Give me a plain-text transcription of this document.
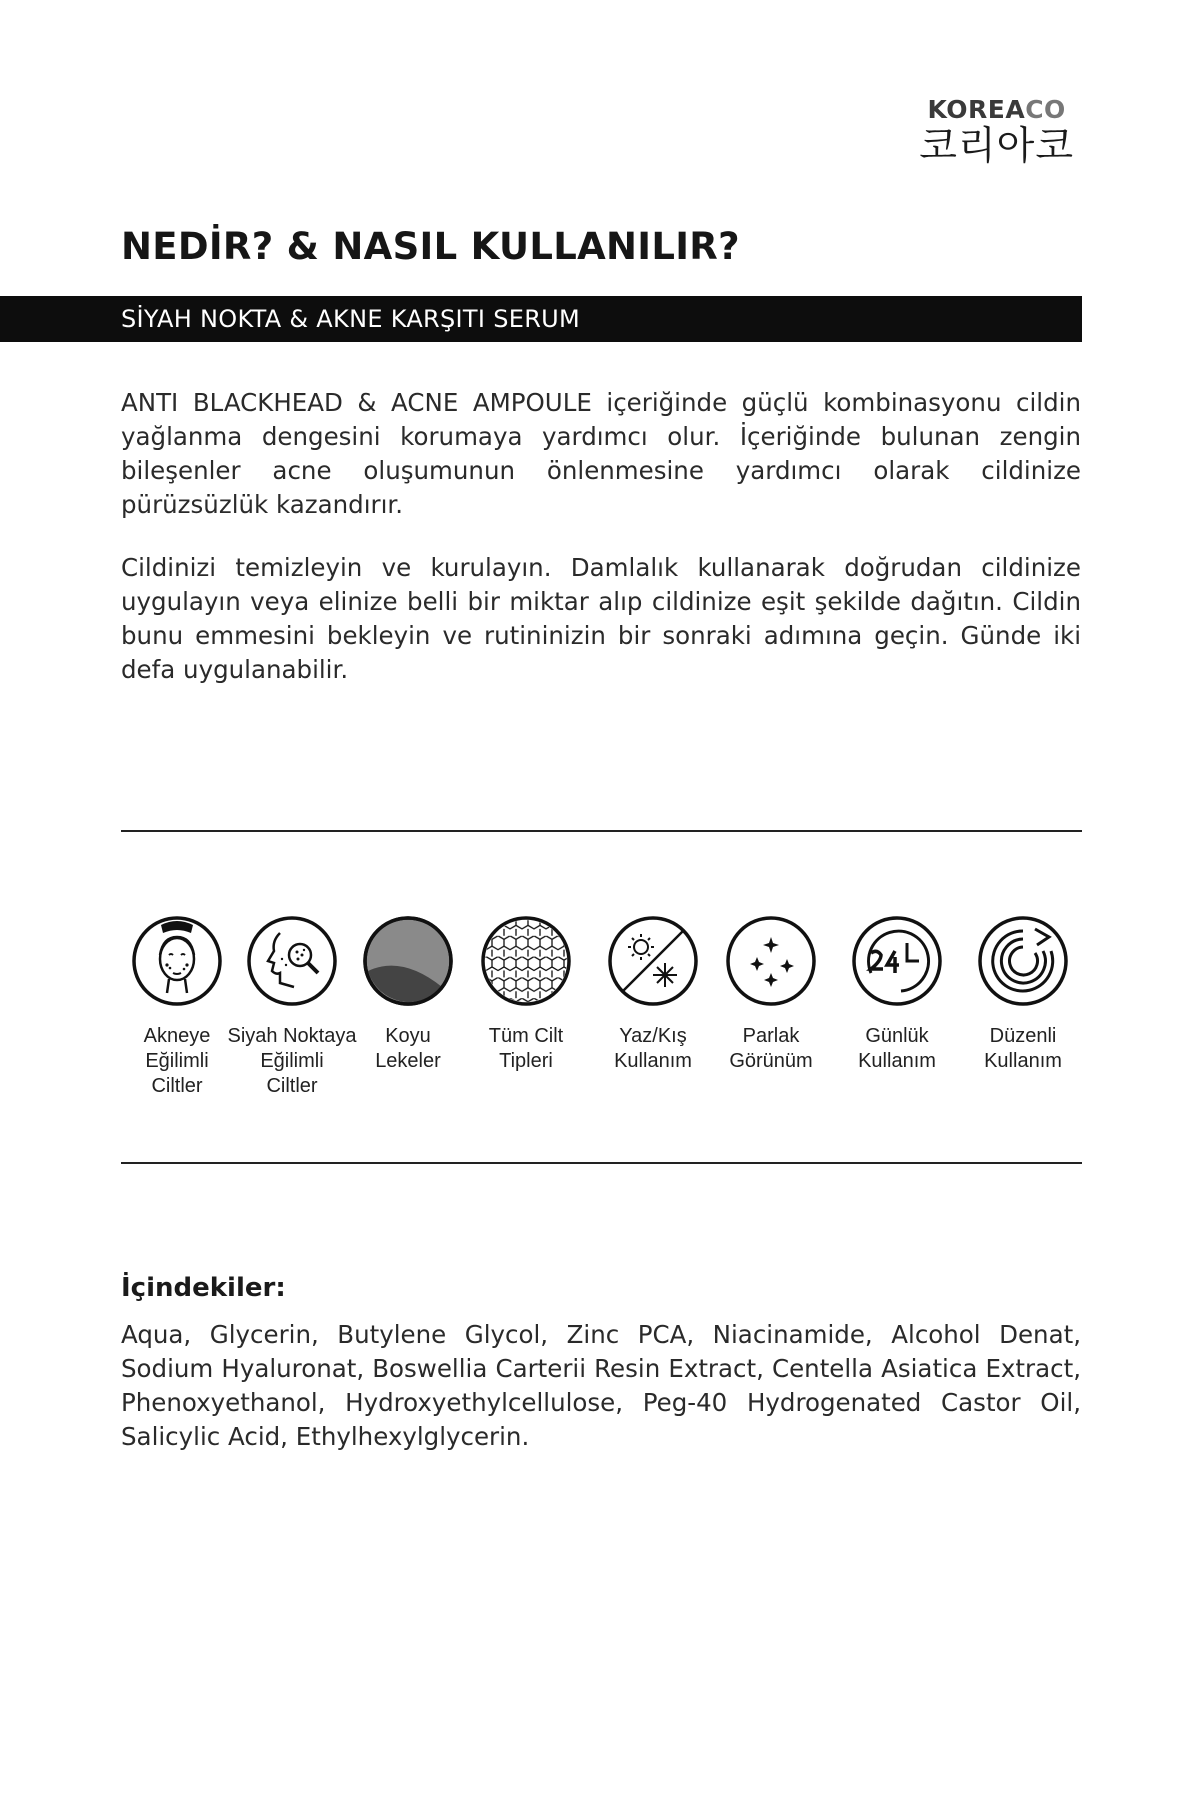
KOREACO
코리아코
NEDİR? & NASIL KULLANILIR?
SİYAH NOKTA & AKNE KARŞITI SERUM
ANTI BLACKHEAD & ACNE AMPOULE içeriğinde güçlü kombinasyonu cildin yağlanma dengesini korumaya yardımcı olur. İçeriğinde bulunan zengin bileşenler acne oluşumunun önlenmesine yardımcı olarak cildinize pürüzsüzlük kazandırır.
Cildinizi temizleyin ve kurulayın. Damlalık kullanarak doğrudan cildinize uygulayın veya elinize belli bir miktar alıp cildinize eşit şekilde dağıtın. Cildin bunu emmesini bekleyin ve rutininizin bir sonraki adımına geçin. Günde iki defa uygulanabilir.
Akneye
Eğilimli
Ciltler
Siyah Noktaya
Eğilimli
Ciltler
Koyu
Lekeler
Tüm Cilt
Tipleri
Yaz/Kış
Kullanım
Parlak
Görünüm
Günlük
Kullanım
Düzenli
Kullanım
İçindekiler:
Aqua, Glycerin, Butylene Glycol, Zinc PCA, Niacinamide, Alcohol Denat, Sodium Hyaluronat, Boswellia Carterii Resin Extract, Centella Asiatica Extract, Phenoxyethanol, Hydroxyethylcellulose, Peg-40 Hydrogenated Castor Oil, Salicylic Acid, Ethylhexylglycerin.
